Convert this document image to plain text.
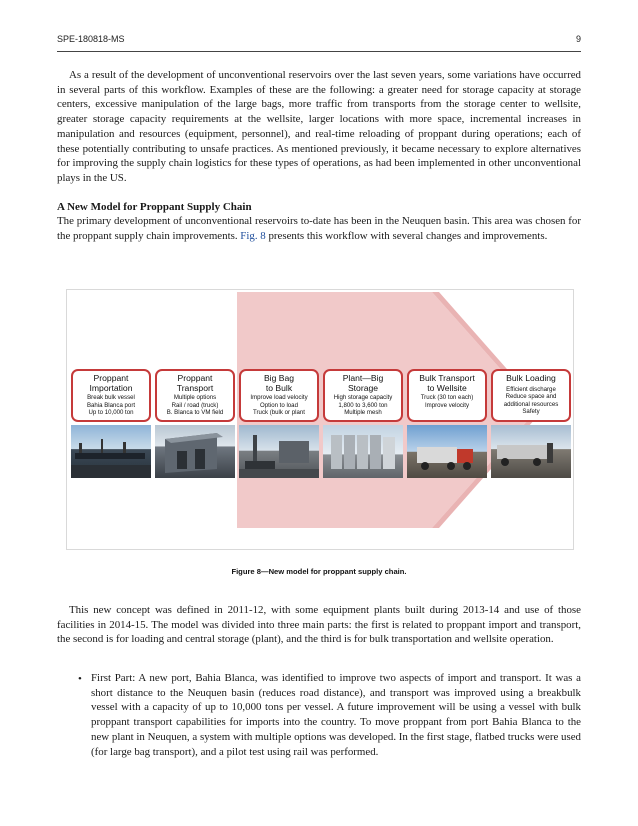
SPE-180818-MS	9

As a result of the development of unconventional reservoirs over the last seven years, some variations have occurred in several parts of this workflow. Examples of these are the following: a greater need for storage capacity at storage centers, excessive manipulation of the large bags, more traffic from transports from the storage center to wellsite, greater storage capacity requirements at the wellsite, larger locations with more space, incremental increases in manipulation and resources (equipment, personnel), and real-time reloading of proppant during operations; each of these potentially contributing to unsafe practices. As mentioned previously, it became necessary to explore alternatives for improving the supply chain logistics for these types of operations, as had been implemented in other unconventional plays in the US.

A New Model for Proppant Supply Chain

The primary development of unconventional reservoirs to-date has been in the Neuquen basin. This area was chosen for the proppant supply chain improvements. Fig. 8 presents this workflow with several changes and improvements.

Proppant
Importation
Break bulk vessel
Bahia Blanca port
Up to 10,000 ton
Proppant
Transport
Multiple options
Rail / road (truck)
B. Blanca to VM field
Big Bag
to Bulk
Improve load velocity
Option to load
Truck (bulk or plant
Plant—Big
Storage
High storage capacity
1,800 to 3,600 ton
Multiple mesh
Bulk Transport
to Wellsite
Truck (30 ton each)
Improve velocity
Bulk Loading
Efficient discharge
Reduce space and
additional resources
Safety
Figure 8—New model for proppant supply chain.

This new concept was defined in 2011-12, with some equipment plants built during 2013-14 and use of those facilities in 2014-15. The model was divided into three main parts: the first is related to proppant import and transport, the second is for loading and central storage (plant), and the third is for bulk transportation and wellsite operation.

• First Part: A new port, Bahia Blanca, was identified to improve two aspects of import and transport. It was a short distance to the Neuquen basin (reduces road distance), and transport was improved using a breakbulk vessel with a capacity of up to 10,000 tons per vessel. A future improvement will be using a vessel with bulk proppant transport capabilities for imports into the country. To move proppant from port Bahia Blanca to the new plant in Neuquen, a system with multiple options was developed. In the first stage, flatbed trucks were used (for large bag transport), and a pilot test using rail was performed.
